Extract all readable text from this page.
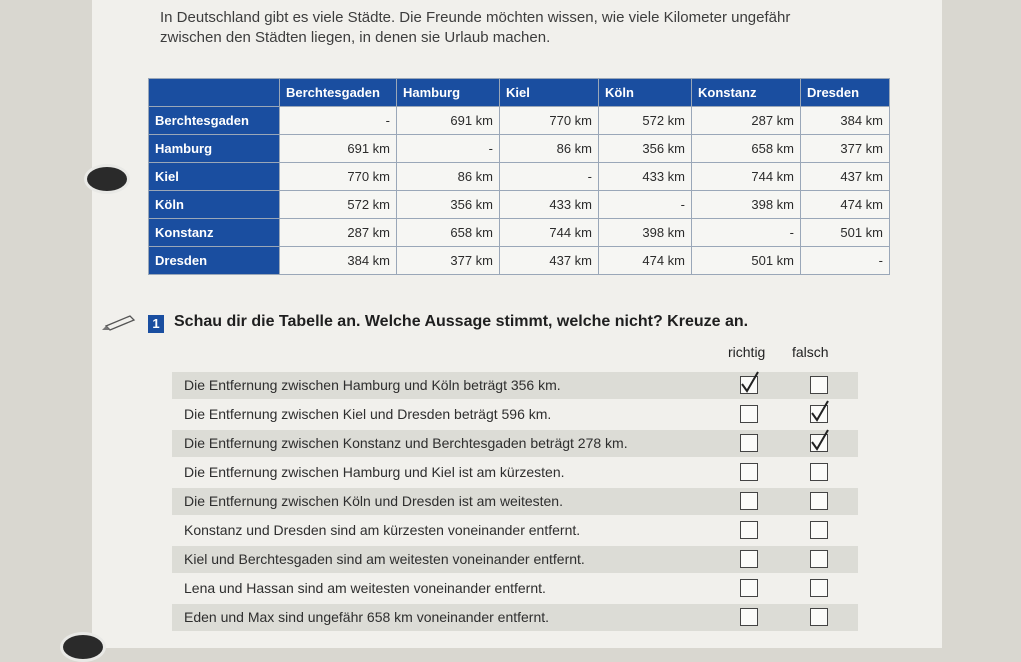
In Deutschland gibt es viele Städte. Die Freunde möchten wissen, wie viele Kilometer ungefähr zwischen den Städten liegen, in denen sie Urlaub machen.
	Berchtesgaden	Hamburg	Kiel	Köln	Konstanz	Dresden
Berchtesgaden	-	691 km	770 km	572 km	287 km	384 km
Hamburg	691 km	-	86 km	356 km	658 km	377 km
Kiel	770 km	86 km	-	433 km	744 km	437 km
Köln	572 km	356 km	433 km	-	398 km	474 km
Konstanz	287 km	658 km	744 km	398 km	-	501 km
Dresden	384 km	377 km	437 km	474 km	501 km	-
1 Schau dir die Tabelle an. Welche Aussage stimmt, welche nicht? Kreuze an.
richtig falsch
Die Entfernung zwischen Hamburg und Köln beträgt 356 km.
Die Entfernung zwischen Kiel und Dresden beträgt 596 km.
Die Entfernung zwischen Konstanz und Berchtesgaden beträgt 278 km.
Die Entfernung zwischen Hamburg und Kiel ist am kürzesten.
Die Entfernung zwischen Köln und Dresden ist am weitesten.
Konstanz und Dresden sind am kürzesten voneinander entfernt.
Kiel und Berchtesgaden sind am weitesten voneinander entfernt.
Lena und Hassan sind am weitesten voneinander entfernt.
Eden und Max sind ungefähr 658 km voneinander entfernt.
